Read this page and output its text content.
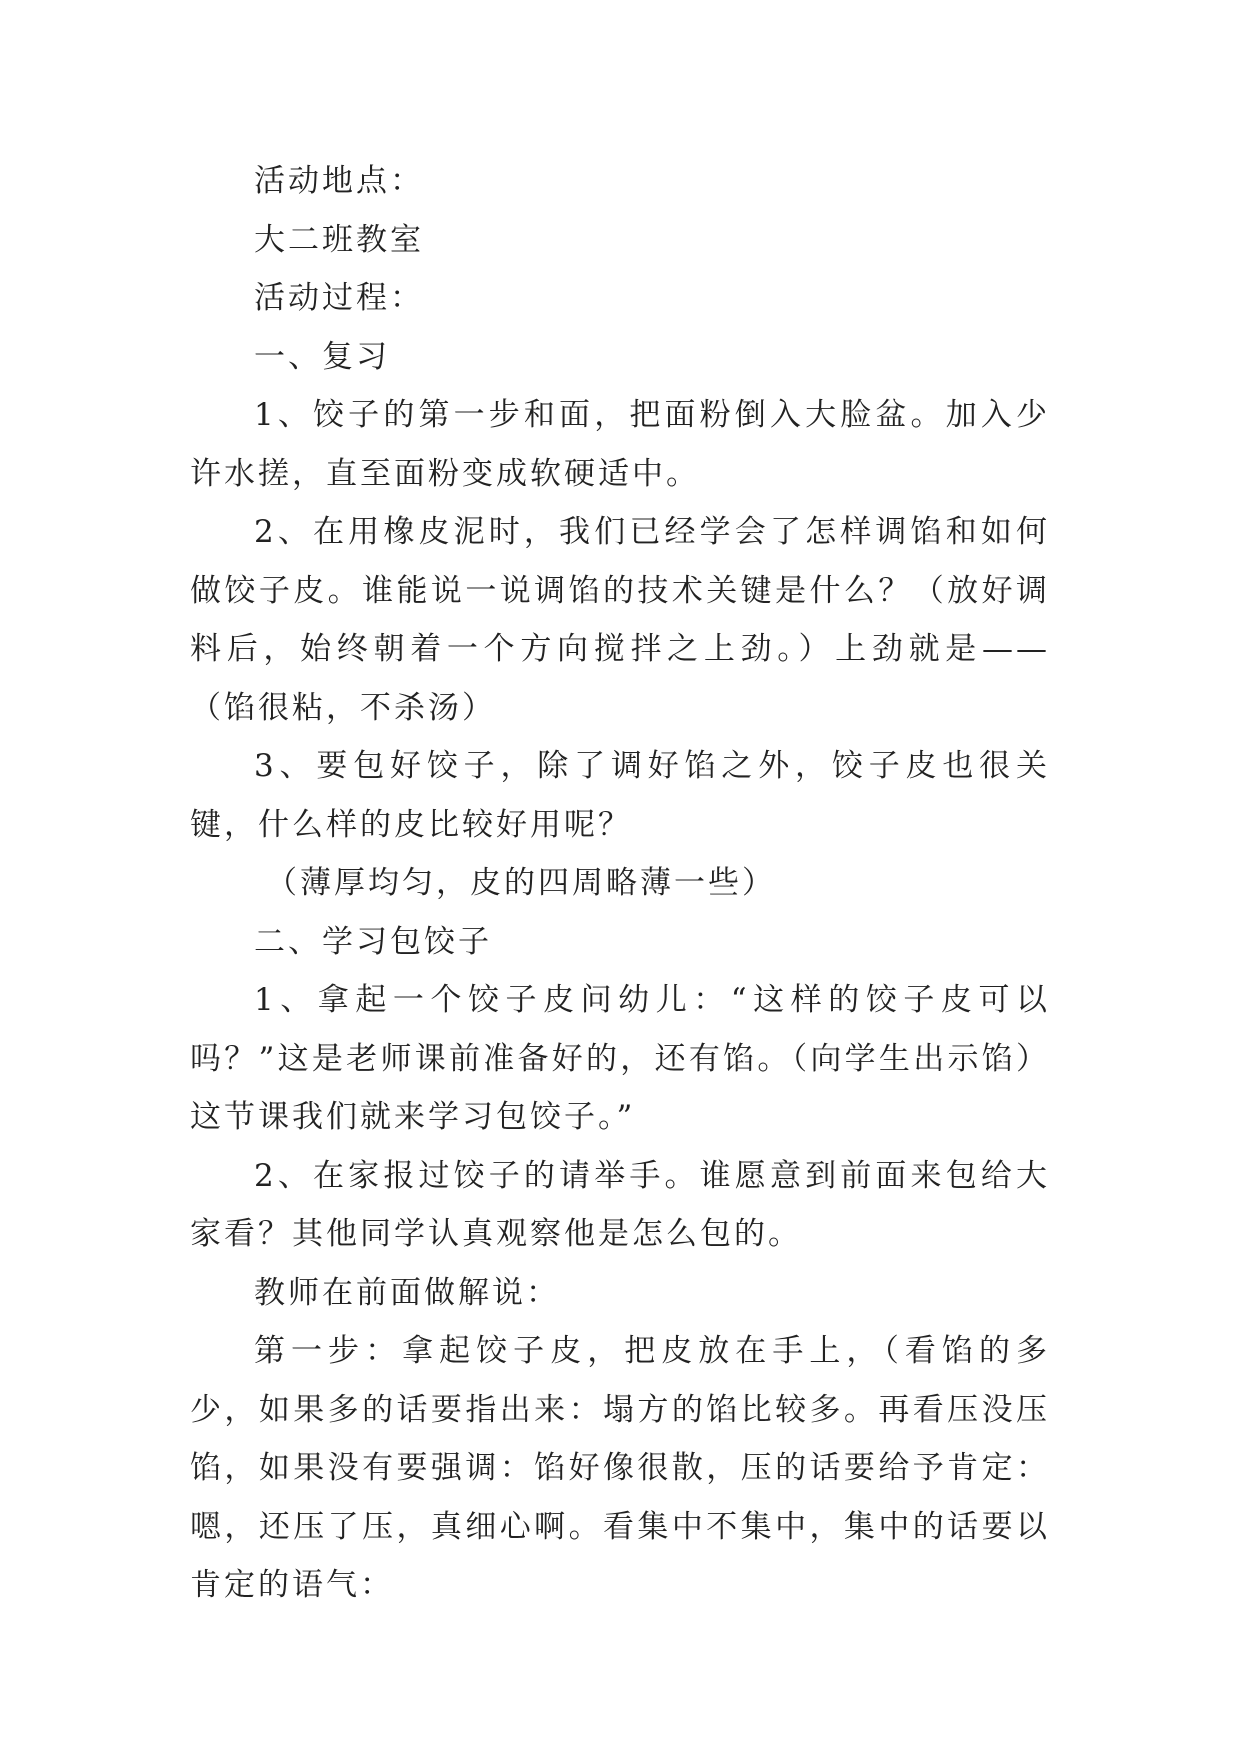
活动地点：

大二班教室

活动过程：

一、复习

1、饺子的第一步和面，把面粉倒入大脸盆。加入少许水搓，直至面粉变成软硬适中。

2、在用橡皮泥时，我们已经学会了怎样调馅和如何做饺子皮。谁能说一说调馅的技术关键是什么？（放好调料后，始终朝着一个方向搅拌之上劲。）上劲就是——（馅很粘，不杀汤）

3、要包好饺子，除了调好馅之外，饺子皮也很关键，什么样的皮比较好用呢？

（薄厚均匀，皮的四周略薄一些）

二、学习包饺子

1、拿起一个饺子皮问幼儿：“这样的饺子皮可以吗？”这是老师课前准备好的，还有馅。（向学生出示馅）这节课我们就来学习包饺子。”

2、在家报过饺子的请举手。谁愿意到前面来包给大家看？其他同学认真观察他是怎么包的。

教师在前面做解说：

第一步：拿起饺子皮，把皮放在手上，（看馅的多少，如果多的话要指出来：塌方的馅比较多。再看压没压馅，如果没有要强调：馅好像很散，压的话要给予肯定：嗯，还压了压，真细心啊。看集中不集中，集中的话要以肯定的语气：
